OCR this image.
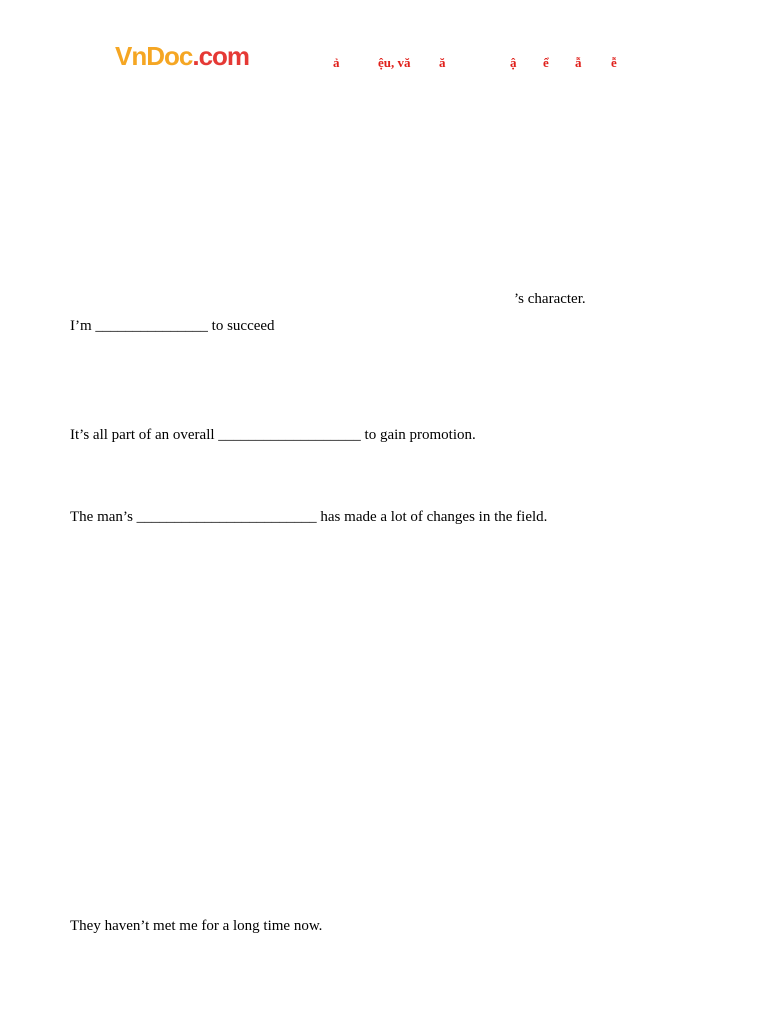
VnDoc.com	ả	ệu, vă ă	ậ ể ẫ ễ
’s character.
I’m _______________ to succeed
It’s all part of an overall ___________________ to gain promotion.
The man’s ________________________ has made a lot of changes in the field.
They haven’t met me for a long time now.
